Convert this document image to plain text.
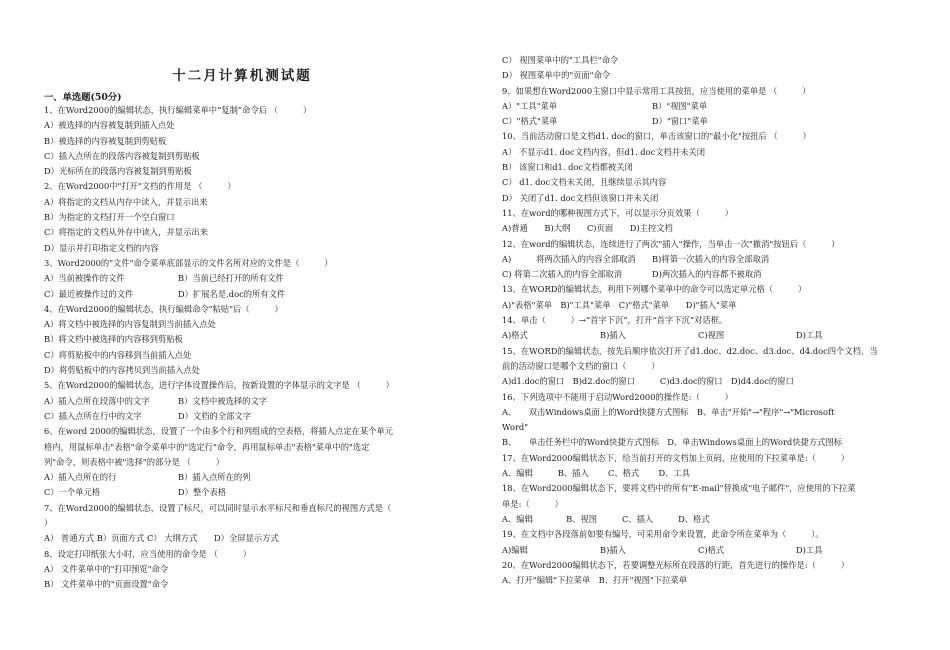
十二月计算机测试题
一、单选题(50分)
1、在Word2000的编辑状态，执行编辑菜单中“复制”命令后 （　　　）
A）被选择的内容被复制到插入点处
B）被选择的内容被复制到剪贴板
C）插入点所在的段落内容被复制到剪贴板
D）光标所在的段落内容被复制到剪贴板
2、在Word2000中"打开"文档的作用是 （　　　）
A）将指定的文档从内存中读入，并显示出来
B）为指定的文档打开一个空白窗口
C）将指定的文档从外存中读入，并显示出来
D）显示并打印指定文档的内容
3、Word2000的"文件"命令菜单底部显示的文件名所对应的文件是（　　　）
A）当前被操作的文件	B）当前已经打开的所有文件
C）最近被操作过的文件	D）扩展名是.doc的所有文件
4、在Word2000的编辑状态，执行编辑命令"粘贴"后（　　　）
A）将文档中被选择的内容复制到当前插入点处
B）将文档中被选择的内容移到剪贴板
C）将剪贴板中的内容移到当前插入点处
D）将剪贴板中的内容拷贝到当前插入点处
5、在Word2000的编辑状态，进行字体设置操作后，按新设置的字体显示的文字是 （　　　）
A）插入点所在段落中的文字	B）文档中被选择的文字
C）插入点所在行中的文字	D）文档的全部文字
6、在word 2000的编辑状态，设置了一个由多个行和列组成的空表格，将插入点定在某个单元
格内，用鼠标单击"表格"命令菜单中的"选定行"命令，再用鼠标单击"表格"菜单中的"选定
列"命令，则表格中被"选择"的部分是 （　　　）
A）插入点所在的行	B）插入点所在的列
C）一个单元格	D）整个表格
7、在Word2000的编辑状态，设置了标尺，可以同时显示水平标尺和垂直标尺的视图方式是（
）
A） 普通方式 B）页面方式 C） 大纲方式　　D）全屏显示方式
8、设定打印纸张大小时，应当使用的命令是 （　　　）
A） 文件菜单中的"打印预览"命令
B） 文件菜单中的"页面设置"命令
C） 视图菜单中的"工具栏"命令
D） 视图菜单中的"页面"命令
9、如果想在Word2000主窗口中显示常用工具按扭，应当使用的菜单是 （　　　）
A）"工具"菜单	B）"视图"菜单
C）"格式"菜单	D）"窗口"菜单
10、当前活动窗口是文档d1. doc的窗口，单击该窗口的"最小化"按扭后 （　　　）
A） 不显示d1. doc文档内容，但d1. doc文档并未关闭
B） 该窗口和d1. doc文档都被关闭
C） d1. doc文档未关闭，且继续显示其内容
D） 关闭了d1. doc文档但该窗口并未关闭
11、在word的哪种视图方式下，可以显示分页效果（　　　）
A)普通　　B)大纲　　C)页面　　D)主控文档
12、在word的编辑状态，连续进行了两次"插入"操作，当单击一次"撤消"按钮后（　　　）
A)　　　将两次插入的内容全部取消	B)将第一次插入的内容全部取消
C) 将第二次插入的内容全部取消	D)两次插入的内容都不被取消
13、在WORD的编辑状态，利用下列哪个菜单中的命令可以选定单元格（　　　）
A)"表格"菜单　B)"工具"菜单　C)"格式"菜单　　D)"插入"菜单
14、单击（　　　）→“首字下沉”，打开“首字下沉”对话框。
A)格式	B)插入	C)视图	D)工具
15、在WORD的编辑状态，按先后顺序依次打开了d1.doc、d2.doc、d3.doc、d4.doc四个文档，当
前的活动窗口是哪个文档的窗口（　　　）
A)d1.doc的窗口　B)d2.doc的窗口　　　C)d3.doc的窗口　D)d4.doc的窗口
16、下列选项中不能用于启动Word2000的操作是:（　　　）
A、　　双击Windows桌面上的Word快捷方式图标　B、单击"开始"→"程序"→"Microsoft
Word"
B、　　单击任务栏中的Word快捷方式图标　D、单击Windows桌面上的Word快捷方式图标
17、在Word2000编辑状态下，给当前打开的文档加上页码，应使用的下拉菜单是:（　　　）
A、编辑　　　B、插入　　 C、格式　　 D、工具
18、在Word2000编辑状态下，要将文档中的所有"E-mail"替换成"电子邮件"，应使用的下拉菜
单是:（　　　）
A、编辑　　　　B、视图　　　C、插入　　　D、格式
19、在文档中各段落前如要有编号，可采用命令来设置，此命令所在菜单为（　　　）。
A)编辑	B)插入	C)格式	D)工具
20、在Word2000编辑状态下，若要调整光标所在段落的行距，首先进行的操作是:（　　　）
A、打开"编辑"下拉菜单　B、打开"视图"下拉菜单
